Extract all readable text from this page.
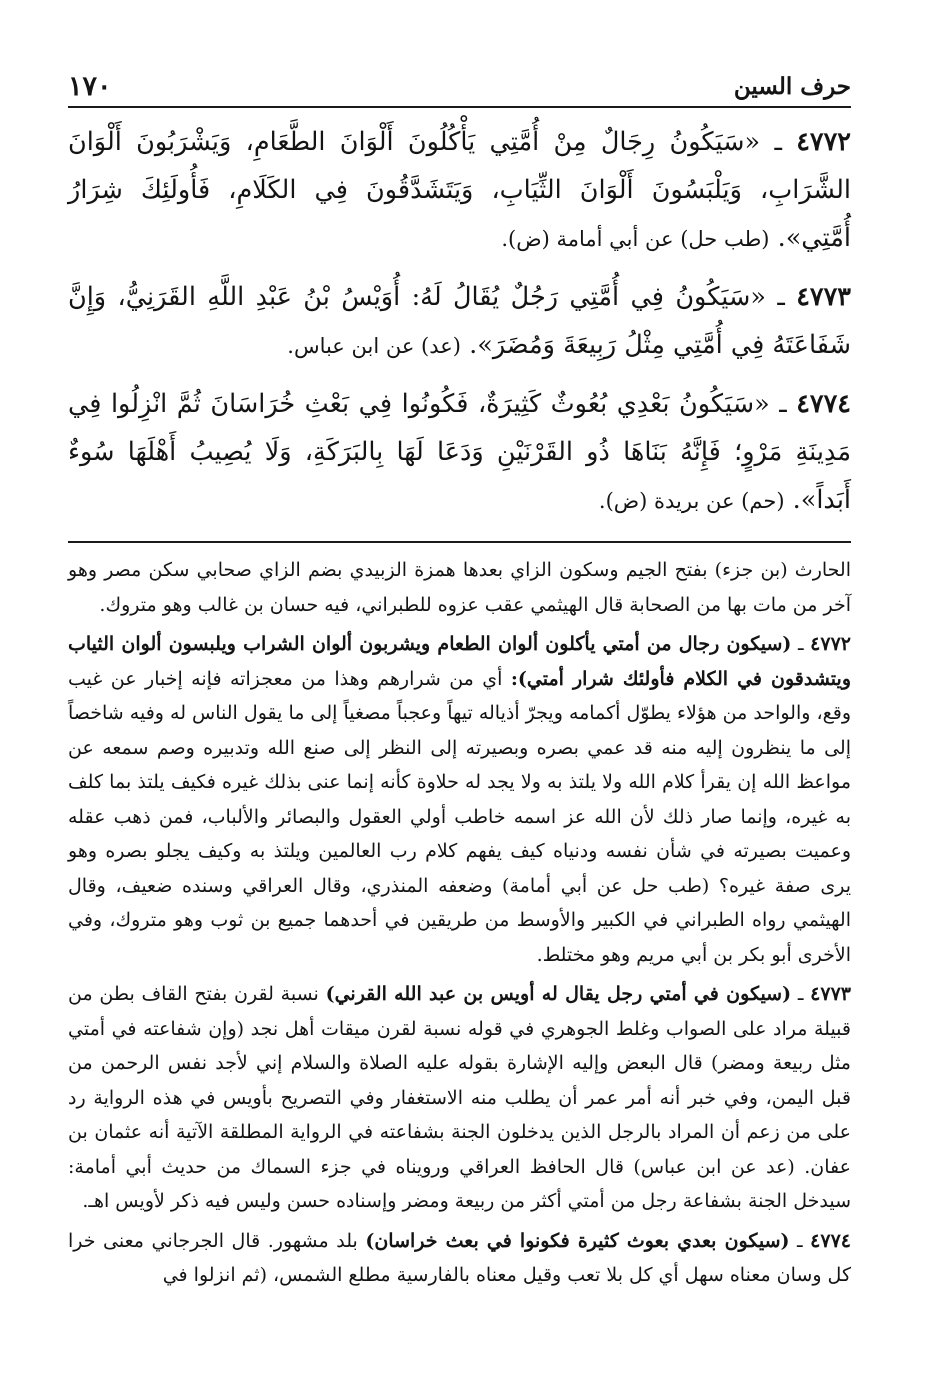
حرف السين
١٧٠

٤٧٧٢ ـ «سَيَكُونُ رِجَالٌ مِنْ أُمَّتِي يَأْكُلُونَ أَلْوَانَ الطَّعَامِ، وَيَشْرَبُونَ أَلْوَانَ الشَّرَابِ، وَيَلْبَسُونَ أَلْوَانَ الثِّيَابِ، وَيَتَشَدَّقُونَ فِي الكَلَامِ، فَأُولَئِكَ شِرَارُ أُمَّتِي». (طب حل) عن أبي أمامة (ض).

٤٧٧٣ ـ «سَيَكُونُ فِي أُمَّتِي رَجُلٌ يُقَالُ لَهُ: أُوَيْسُ بْنُ عَبْدِ اللَّهِ القَرَنِيُّ، وَإِنَّ شَفَاعَتَهُ فِي أُمَّتِي مِثْلُ رَبِيعَةَ وَمُضَرَ». (عد) عن ابن عباس.

٤٧٧٤ ـ «سَيَكُونُ بَعْدِي بُعُوثٌ كَثِيرَةٌ، فَكُونُوا فِي بَعْثِ خُرَاسَانَ ثُمَّ انْزِلُوا فِي مَدِينَةِ مَرْوٍ؛ فَإِنَّهُ بَنَاهَا ذُو القَرْنَيْنِ وَدَعَا لَهَا بِالبَرَكَةِ، وَلَا يُصِيبُ أَهْلَهَا سُوءٌ أَبَداً». (حم) عن بريدة (ض).

الحارث (بن جزء) بفتح الجيم وسكون الزاي بعدها همزة الزبيدي بضم الزاي صحابي سكن مصر وهو آخر من مات بها من الصحابة قال الهيثمي عقب عزوه للطبراني، فيه حسان بن غالب وهو متروك.

٤٧٧٢ ـ (سيكون رجال من أمتي يأكلون ألوان الطعام ويشربون ألوان الشراب ويلبسون ألوان الثياب ويتشدقون في الكلام فأولئك شرار أمتي): أي من شرارهم وهذا من معجزاته فإنه إخبار عن غيب وقع، والواحد من هؤلاء يطوّل أكمامه ويجرّ أذياله تيهاً وعجباً مصغياً إلى ما يقول الناس له وفيه شاخصاً إلى ما ينظرون إليه منه قد عمي بصره وبصيرته إلى النظر إلى صنع الله وتدبيره وصم سمعه عن مواعظ الله إن يقرأ كلام الله ولا يلتذ به ولا يجد له حلاوة كأنه إنما عنى بذلك غيره فكيف يلتذ بما كلف به غيره، وإنما صار ذلك لأن الله عز اسمه خاطب أولي العقول والبصائر والألباب، فمن ذهب عقله وعميت بصيرته في شأن نفسه ودنياه كيف يفهم كلام رب العالمين ويلتذ به وكيف يجلو بصره وهو يرى صفة غيره؟ (طب حل عن أبي أمامة) وضعفه المنذري، وقال العراقي وسنده ضعيف، وقال الهيثمي رواه الطبراني في الكبير والأوسط من طريقين في أحدهما جميع بن ثوب وهو متروك، وفي الأخرى أبو بكر بن أبي مريم وهو مختلط.

٤٧٧٣ ـ (سيكون في أمتي رجل يقال له أويس بن عبد الله القرني) نسبة لقرن بفتح القاف بطن من قبيلة مراد على الصواب وغلط الجوهري في قوله نسبة لقرن ميقات أهل نجد (وإن شفاعته في أمتي مثل ربيعة ومضر) قال البعض وإليه الإشارة بقوله عليه الصلاة والسلام إني لأجد نفس الرحمن من قبل اليمن، وفي خبر أنه أمر عمر أن يطلب منه الاستغفار وفي التصريح بأويس في هذه الرواية رد على من زعم أن المراد بالرجل الذين يدخلون الجنة بشفاعته في الرواية المطلقة الآتية أنه عثمان بن عفان. (عد عن ابن عباس) قال الحافظ العراقي ورويناه في جزء السماك من حديث أبي أمامة: سيدخل الجنة بشفاعة رجل من أمتي أكثر من ربيعة ومضر وإسناده حسن وليس فيه ذكر لأويس اهـ.

٤٧٧٤ ـ (سيكون بعدي بعوث كثيرة فكونوا في بعث خراسان) بلد مشهور. قال الجرجاني معنى خرا كل وسان معناه سهل أي كل بلا تعب وقيل معناه بالفارسية مطلع الشمس، (ثم انزلوا في
